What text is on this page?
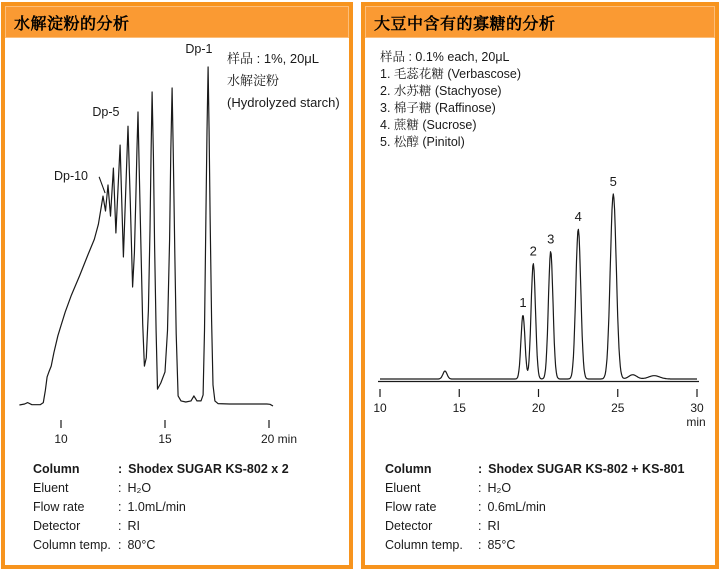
水解淀粉的分析
Dp-1
Dp-5
Dp-10
10	15	20 min
样品 : 1%, 20μL
水解淀粉
(Hydrolyzed starch)
Column	: Shodex SUGAR KS-802 x 2
Eluent	: H₂O
Flow rate	: 1.0mL/min
Detector	: RI
Column temp. : 80°C
大豆中含有的寡糖的分析
1
2
3
4
5
10	15	20	25	30
min
样品 : 0.1% each, 20μL
1. 毛蕊花糖 (Verbascose)
2. 水苏糖 (Stachyose)
3. 棉子糖 (Raffinose)
4. 蔗糖 (Sucrose)
5. 松醇 (Pinitol)
Column	: Shodex SUGAR KS-802 + KS-801
Eluent	: H₂O
Flow rate	: 0.6mL/min
Detector	: RI
Column temp.	: 85°C
